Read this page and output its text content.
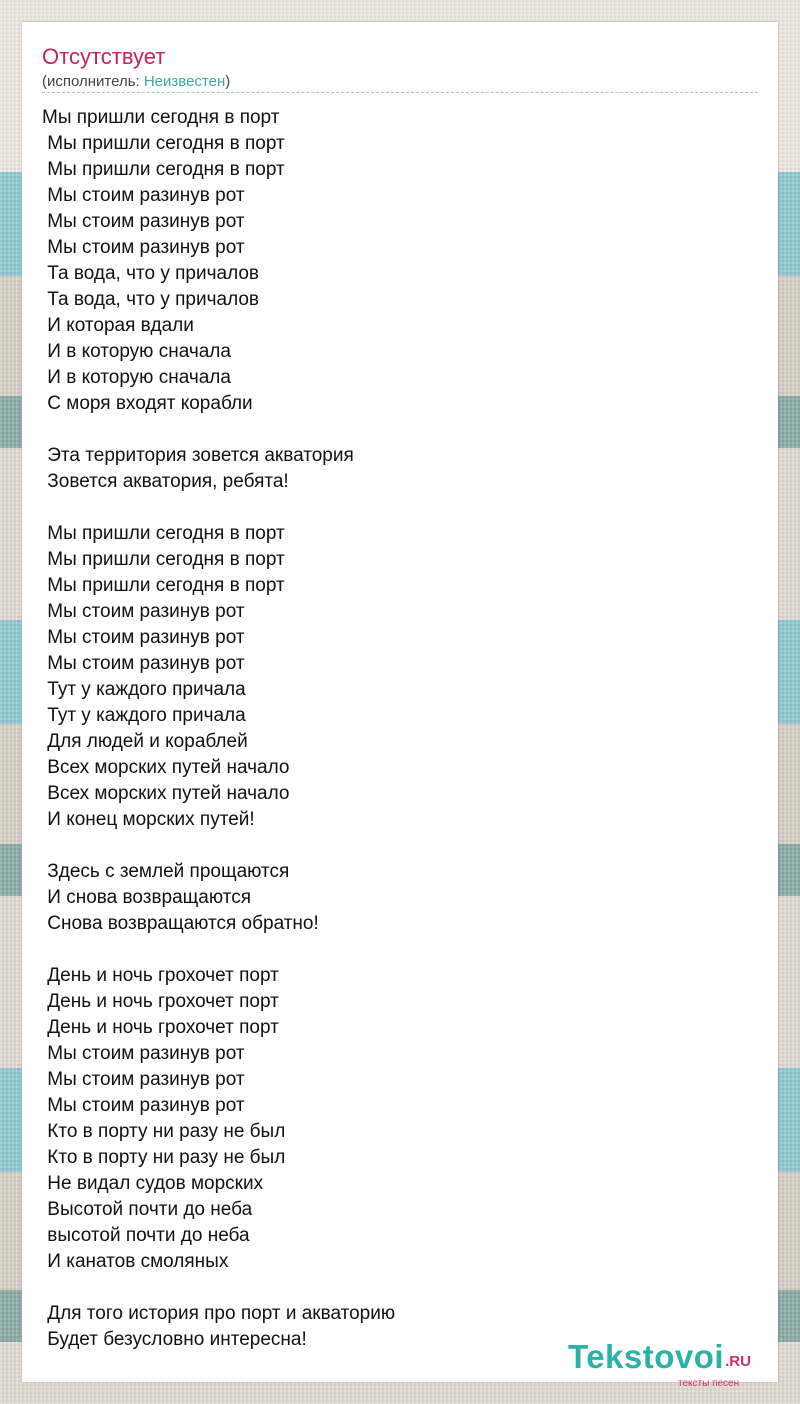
Отсутствует
(исполнитель: Неизвестен)
Мы пришли сегодня в порт
Мы пришли сегодня в порт
Мы пришли сегодня в порт
Мы стоим разинув рот
Мы стоим разинув рот
Мы стоим разинув рот
Та вода, что у причалов
Та вода, что у причалов
И которая вдали
И в которую сначала
И в которую сначала
С моря входят корабли
Эта территория зовется акватория
Зовется акватория, ребята!
Мы пришли сегодня в порт
Мы пришли сегодня в порт
Мы пришли сегодня в порт
Мы стоим разинув рот
Мы стоим разинув рот
Мы стоим разинув рот
Тут у каждого причала
Тут у каждого причала
Для людей и кораблей
Всех морских путей начало
Всех морских путей начало
И конец морских путей!
Здесь с землей прощаются
И снова возвращаются
Снова возвращаются обратно!
День и ночь грохочет порт
День и ночь грохочет порт
День и ночь грохочет порт
Мы стоим разинув рот
Мы стоим разинув рот
Мы стоим разинув рот
Кто в порту ни разу не был
Кто в порту ни разу не был
Не видал судов морских
Высотой почти до неба
высотой почти до неба
И канатов смоляных
Для того история про порт и акваторию
Будет безусловно интересна!	Tekstovoi.RU
тексты песен
